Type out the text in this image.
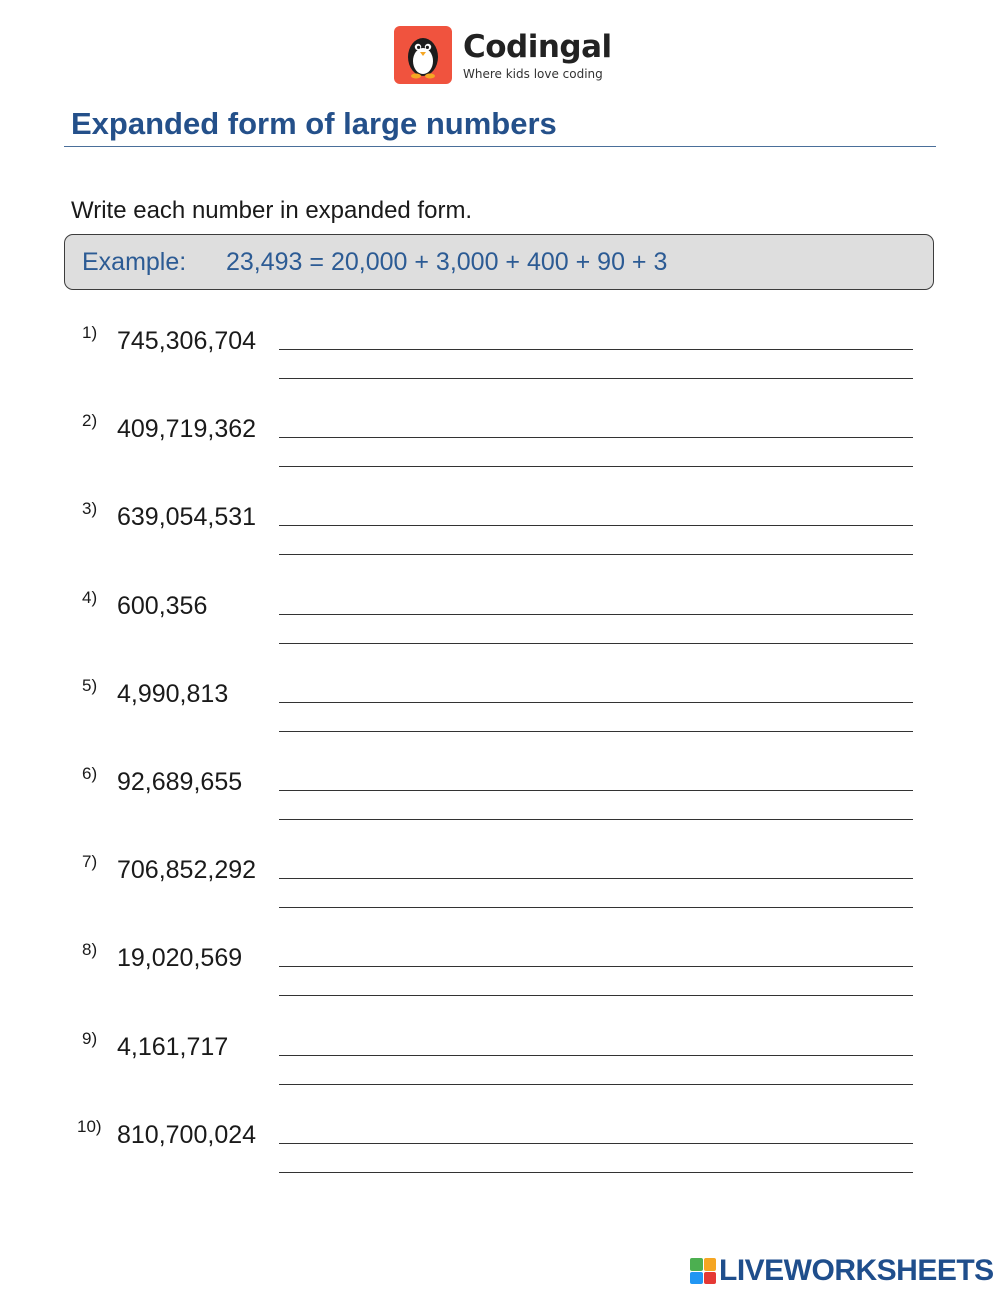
Codingal
Where kids love coding
Expanded form of large numbers
Write each number in expanded form.
Example: 23,493 = 20,000 + 3,000 + 400 + 90 + 3
1) 745,306,704
2) 409,719,362
3) 639,054,531
4) 600,356
5) 4,990,813
6) 92,689,655
7) 706,852,292
8) 19,020,569
9) 4,161,717
10) 810,700,024
LIVEWORKSHEETS
